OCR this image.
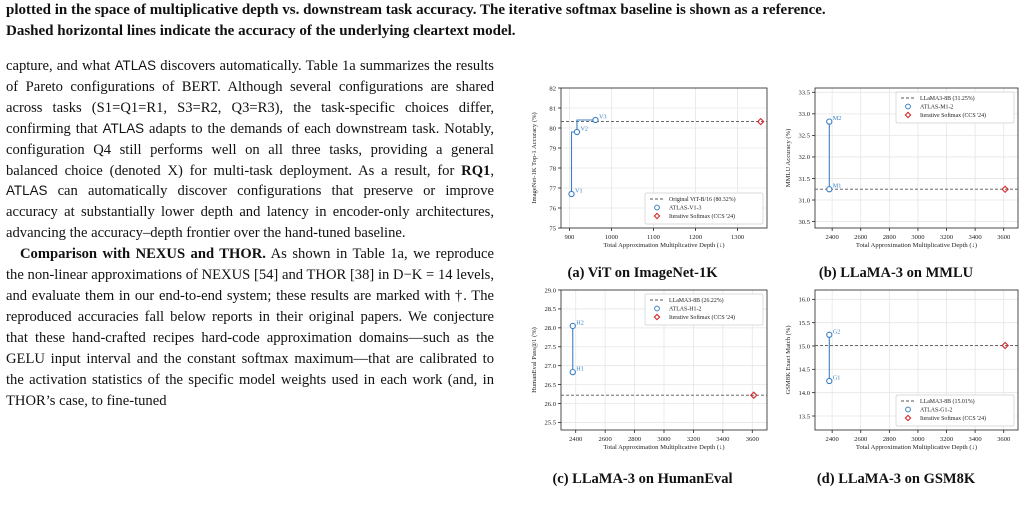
plotted in the space of multiplicative depth vs. downstream task accuracy. The iterative softmax baseline is shown as a reference.
Dashed horizontal lines indicate the accuracy of the underlying cleartext model.

capture, and what ATLAS discovers automatically. Table 1a summarizes the results of Pareto configurations of BERT. Although several configurations are shared across tasks (S1=Q1=R1, S3=R2, Q3=R3), the task-specific choices differ, confirming that ATLAS adapts to the demands of each downstream task. Notably, configuration Q4 still performs well on all three tasks, providing a general balanced choice (denoted X) for multi-task deployment. As a result, for RQ1, ATLAS can automatically discover configurations that preserve or improve accuracy at substantially lower depth and latency in encoder-only architectures, advancing the accuracy–depth frontier over the hand-tuned baseline.

Comparison with NEXUS and THOR. As shown in Table 1a, we reproduce the non-linear approximations of NEXUS [54] and THOR [38] in D−K = 14 levels, and evaluate them in our end-to-end system; these results are marked with †. The reproduced accuracies fall below reports in their original papers. We conjecture that these hand-crafted recipes hard-code approximation domains—such as the GELU input interval and the constant softmax maximum—that are calibrated to the activation statistics of the specific model weights used in each work (and, in THOR’s case, to fine-tuned

900	1000	1100	1200	1300
75
76
77
78
79
80
81
82
Total Approximation Multiplicative Depth (↓)
ImageNet-1K Top-1 Accuracy (%)	V1
V2
V3
Original ViT-B/16 (80.32%)
ATLAS-V1-3
Iterative Softmax (CCS '24)
(a) ViT on ImageNet-1K
2400 2600 2800 3000 3200 3400 3600
30.5
31.0
31.5
32.0
32.5
33.0
33.5
Total Approximation Multiplicative Depth (↓)
MMLU Accuracy (%)	M1
M2
LLaMA3-8B (31.25%)
ATLAS-M1-2
Iterative Softmax (CCS '24)
(b) LLaMA-3 on MMLU
2400 2600 2800 3000 3200 3400 3600
25.5
26.0
26.5
27.0
27.5
28.0
28.5
29.0
Total Approximation Multiplicative Depth (↓)
HumanEval Pass@1 (%)	H1
H2
LLaMA3-8B (26.22%)
ATLAS-H1-2
Iterative Softmax (CCS '24)
(c) LLaMA-3 on HumanEval
2400 2600 2800 3000 3200 3400 3600
13.5
14.0
14.5
15.0
15.5
16.0
Total Approximation Multiplicative Depth (↓)
GSM8K Exact Match (%)	G1
G2
LLaMA3-8B (15.01%)
ATLAS-G1-2
Iterative Softmax (CCS '24)
(d) LLaMA-3 on GSM8K
